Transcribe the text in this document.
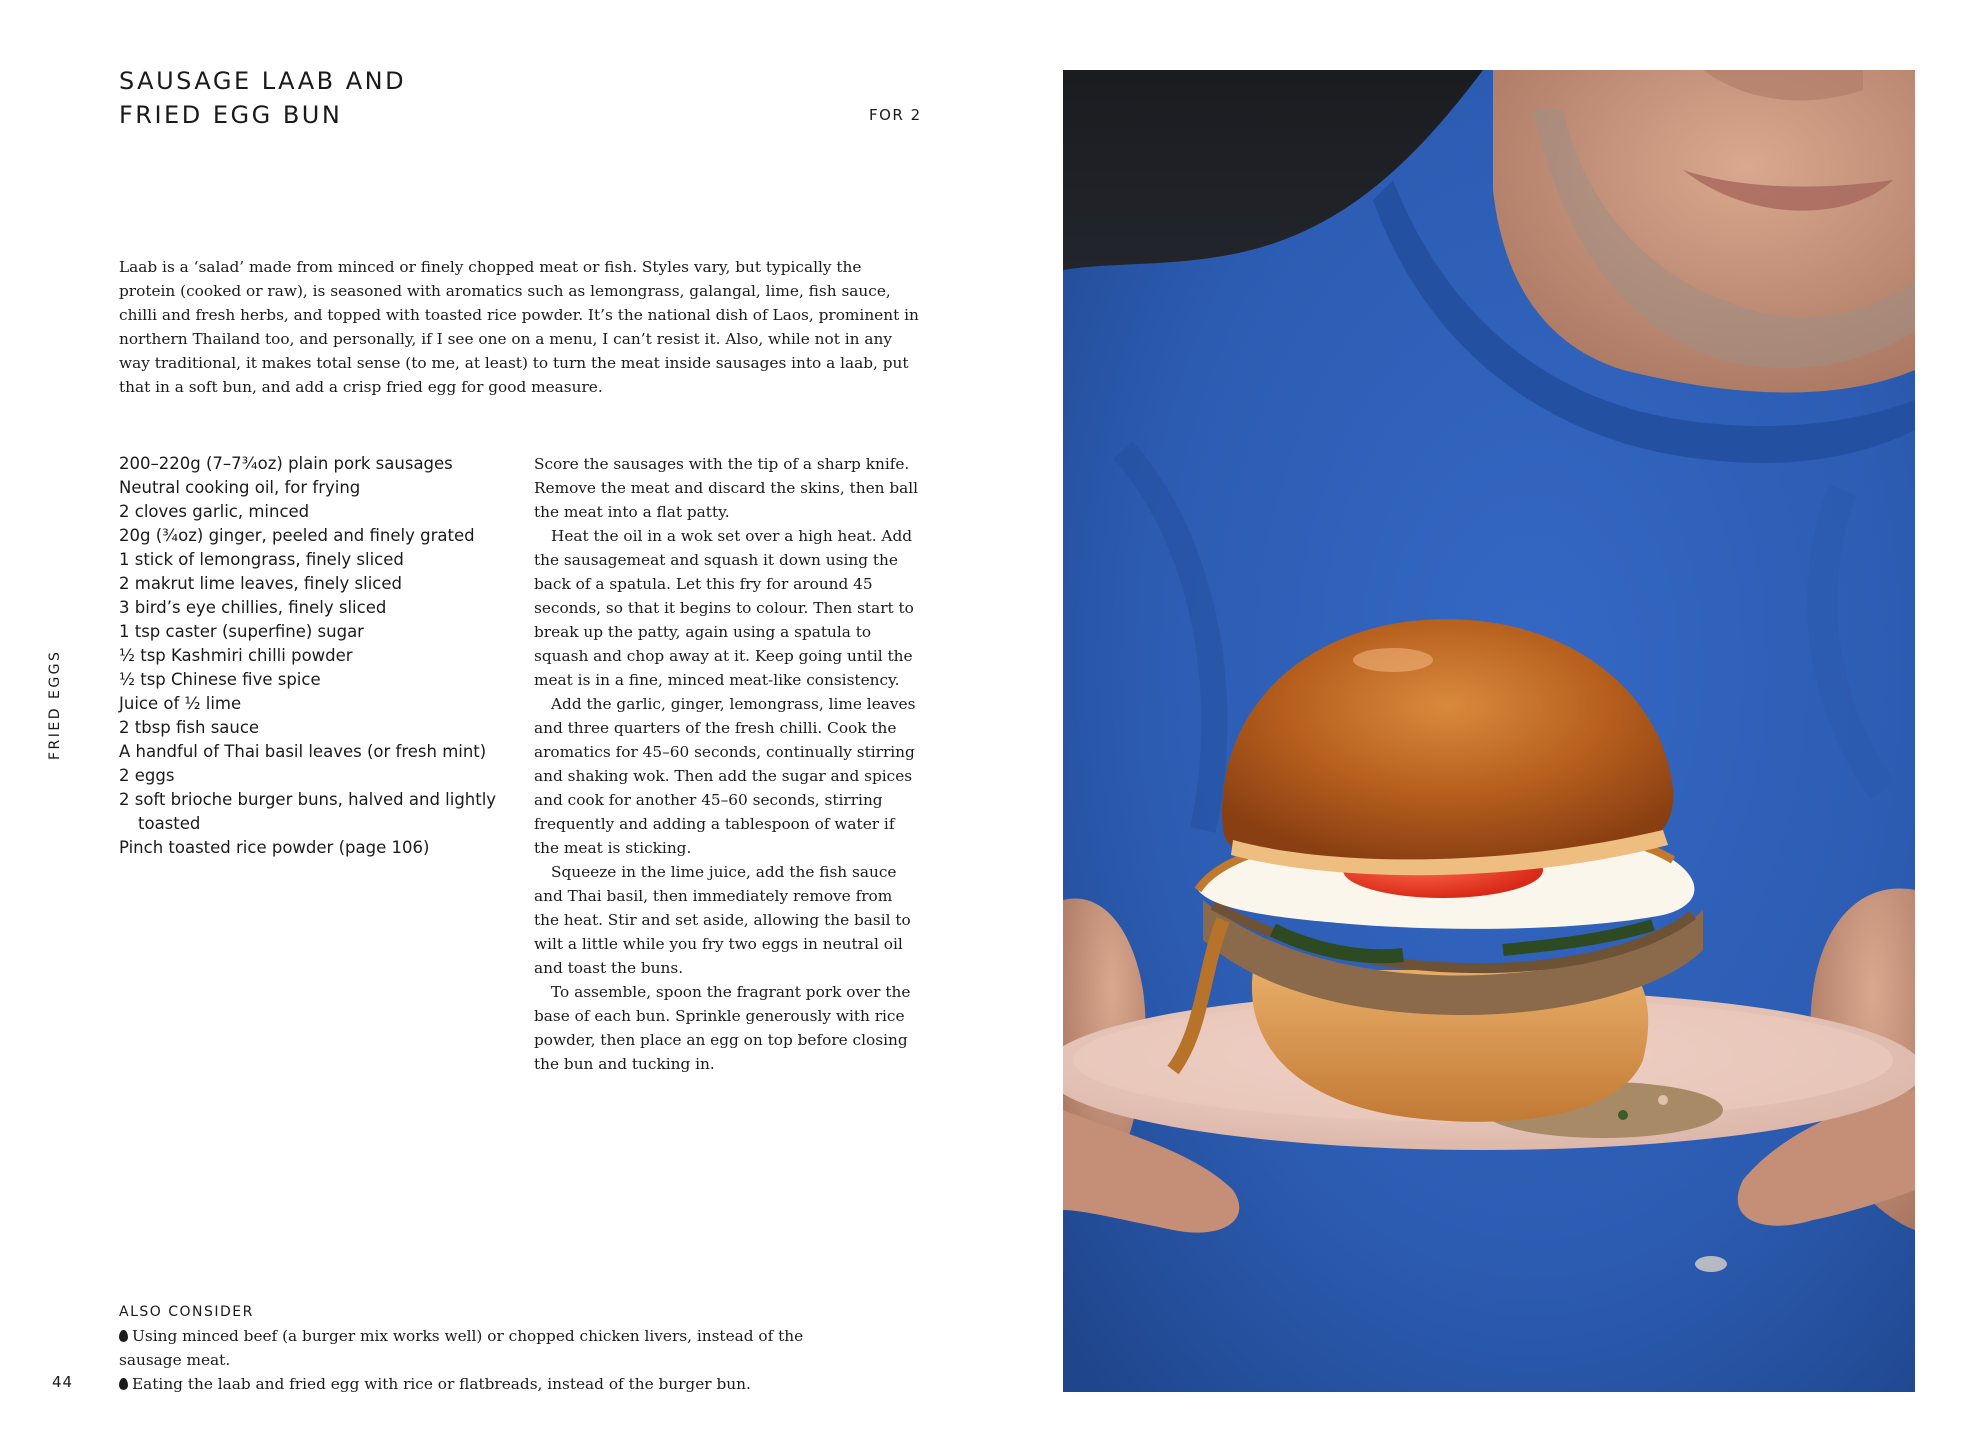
SAUSAGE LAAB AND
FRIED EGG BUN	FOR 2

Laab is a ‘salad’ made from minced or finely chopped meat or fish. Styles vary, but typically the protein (cooked or raw), is seasoned with aromatics such as lemongrass, galangal, lime, fish sauce, chilli and fresh herbs, and topped with toasted rice powder. It’s the national dish of Laos, prominent in northern Thailand too, and personally, if I see one on a menu, I can’t resist it. Also, while not in any way traditional, it makes total sense (to me, at least) to turn the meat inside sausages into a laab, put that in a soft bun, and add a crisp fried egg for good measure.

200–220g (7–7¾oz) plain pork sausages
Neutral cooking oil, for frying
2 cloves garlic, minced
20g (¾oz) ginger, peeled and finely grated
1 stick of lemongrass, finely sliced
2 makrut lime leaves, finely sliced
3 bird’s eye chillies, finely sliced
1 tsp caster (superfine) sugar
½ tsp Kashmiri chilli powder
½ tsp Chinese five spice
Juice of ½ lime
2 tbsp fish sauce
A handful of Thai basil leaves (or fresh mint)
2 eggs
2 soft brioche burger buns, halved and lightly toasted
Pinch toasted rice powder (page 106)

Score the sausages with the tip of a sharp knife. Remove the meat and discard the skins, then ball the meat into a flat patty.

Heat the oil in a wok set over a high heat. Add the sausagemeat and squash it down using the back of a spatula. Let this fry for around 45 seconds, so that it begins to colour. Then start to break up the patty, again using a spatula to squash and chop away at it. Keep going until the meat is in a fine, minced meat-like consistency.

Add the garlic, ginger, lemongrass, lime leaves and three quarters of the fresh chilli. Cook the aromatics for 45–60 seconds, continually stirring and shaking wok. Then add the sugar and spices and cook for another 45–60 seconds, stirring frequently and adding a tablespoon of water if the meat is sticking.

Squeeze in the lime juice, add the fish sauce and Thai basil, then immediately remove from the heat. Stir and set aside, allowing the basil to wilt a little while you fry two eggs in neutral oil and toast the buns.

To assemble, spoon the fragrant pork over the base of each bun. Sprinkle generously with rice powder, then place an egg on top before closing the bun and tucking in.

FRIED EGGS
ALSO CONSIDER
Using minced beef (a burger mix works well) or chopped chicken livers, instead of the sausage meat.
Eating the laab and fried egg with rice or flatbreads, instead of the burger bun.
44
